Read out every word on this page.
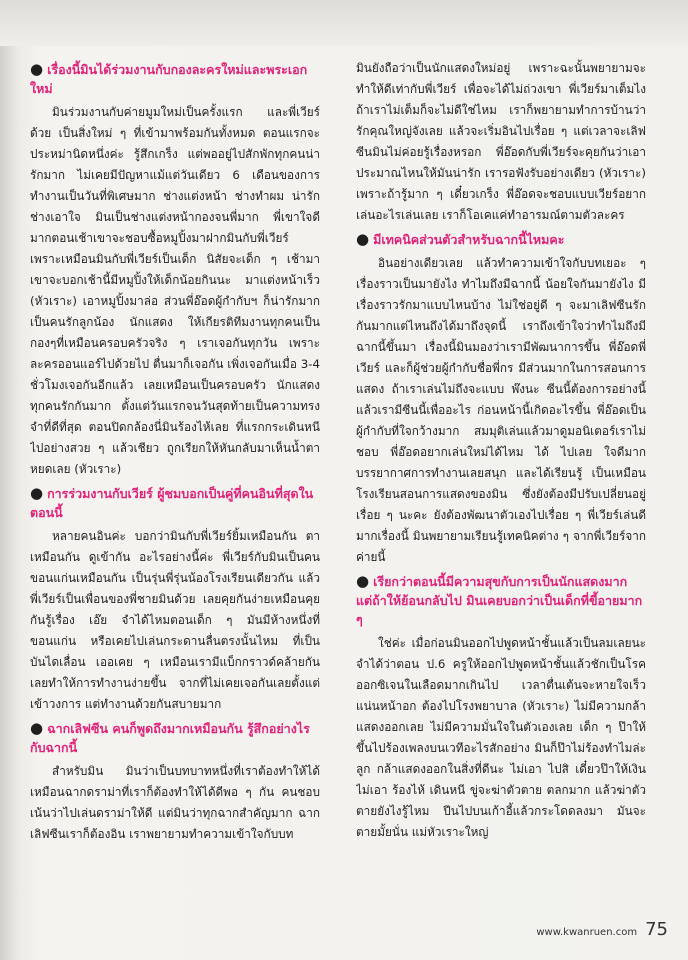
● เรื่องนี้มินได้ร่วมงานกับกองละครใหม่และพระเอกใหม่

มินร่วมงานกับค่ายมูมใหม่เป็นครั้งแรก และพี่เวียร์ด้วย เป็นสิ่งใหม่ ๆ ที่เข้ามาพร้อมกันทั้งหมด ตอนแรกจะประหม่านิดหนึ่งค่ะ รู้สึกเกร็ง แต่พออยู่ไปสักพักทุกคนน่ารักมาก ไม่เคยมีปัญหาแม้แต่วันเดียว 6 เดือนของการทำงานเป็นวันที่พิเศษมาก ช่างแต่งหน้า ช่างทำผม น่ารักช่างเอาใจ มินเป็นช่างแต่งหน้ากองจนพี่มาก พี่เขาใจดีมากตอนเช้าเขาจะชอบซื้อหมูปิ้งมาฝากมินกับพี่เวียร์ เพราะเหมือนมินกับพี่เวียร์เป็นเด็ก นิสัยจะเด็ก ๆ เช้ามาเขาจะบอกเช้านี้มีหมูปิ้งให้เด็กน้อยกินนะ มาแต่งหน้าเร็ว (หัวเราะ) เอาหมูปิ้งมาล่อ ส่วนพี่อ๊อดผู้กำกับฯ ก็น่ารักมาก เป็นคนรักลูกน้อง นักแสดง ให้เกียรติทีมงานทุกคนเป็นกองๆที่เหมือนครอบครัวจริง ๆ เราเจอกันทุกวัน เพราะละครออนแอร์ไปด้วยไป ตื่นมาก็เจอกัน เพิ่งเจอกันเมื่อ 3-4 ชั่วโมงเจอกันอีกแล้ว เลยเหมือนเป็นครอบครัว นักแสดงทุกคนรักกันมาก ตั้งแต่วันแรกจนวันสุดท้ายเป็นความทรงจำที่ดีที่สุด ตอนปิดกล้องนี่มินร้องไห้เลย ที่แรกกระเดินหนีไปอย่างสวย ๆ แล้วเชียว ถูกเรียกให้หันกลับมาเห็นน้ำตาหยดเลย (หัวเราะ)

● การร่วมงานกับเวียร์ ผู้ชมบอกเป็นคู่ที่คนอินที่สุดในตอนนี้

หลายคนอินค่ะ บอกว่ามินกับพี่เวียร์ยิ้มเหมือนกัน ตาเหมือนกัน ดูเข้ากัน อะไรอย่างนี้ค่ะ พี่เวียร์กับมินเป็นคนขอนแก่นเหมือนกัน เป็นรุ่นพี่รุ่นน้องโรงเรียนเดียวกัน แล้วพี่เวียร์เป็นเพื่อนของพี่ชายมินด้วย เลยคุยกันง่ายเหมือนคุยกันรู้เรื่อง เอ๊ย จำได้ไหมตอนเด็ก ๆ มันมีห้างหนึ่งที่ขอนแก่น หรือเคยไปเล่นกระดานลื่นตรงนั้นไหม ที่เป็นบันไดเลื่อน เออเคย ๆ เหมือนเรามีแบ็กกราวด์คล้ายกัน เลยทำให้การทำงานง่ายขึ้น จากที่ไม่เคยเจอกันเลยตั้งแต่เข้าวงการ แต่ทำงานด้วยกันสบายมาก

● ฉากเลิฟซีน คนก็พูดถึงมากเหมือนกัน รู้สึกอย่างไรกับฉากนี้

สำหรับมิน มินว่าเป็นบทบาทหนึ่งที่เราต้องทำให้ได้ เหมือนฉากดราม่าที่เราก็ต้องทำให้ได้ดีพอ ๆ กัน คนชอบเน้นว่าไปเล่นดราม่าให้ดี แต่มินว่าทุกฉากสำคัญมาก ฉากเลิฟซีนเราก็ต้องอิน เราพยายามทำความเข้าใจกับบท

มินยังถือว่าเป็นนักแสดงใหม่อยู่ เพราะฉะนั้นพยายามจะทำให้ดีเท่ากับพี่เวียร์ เพื่อจะได้ไม่ถ่วงเขา พี่เวียร์มาเต็มไง ถ้าเราไม่เต็มก็จะไม่ดีใช่ไหม เราก็พยายามทำการบ้านว่ารักคุณใหญ่จังเลย แล้วจะเริ่มอินไปเรื่อย ๆ แต่เวลาจะเลิฟซีนมินไม่ค่อยรู้เรื่องหรอก พี่อ๊อดกับพี่เวียร์จะคุยกันว่าเอาประมาณไหนให้มันน่ารัก เรารอฟังรับอย่างเดียว (หัวเราะ) เพราะถ้ารู้มาก ๆ เดี๋ยวเกร็ง พี่อ๊อดจะชอบแบบเวียร์อยากเล่นอะไรเล่นเลย เราก็โอเคแค่ทำอารมณ์ตามตัวละคร

● มีเทคนิคส่วนตัวสำหรับฉากนี้ไหมคะ

อินอย่างเดียวเลย แล้วทำความเข้าใจกับบทเยอะ ๆ เรื่องราวเป็นมายังไง ทำไมถึงมีฉากนี้ น้อยใจกันมายังไง มีเรื่องราวรักมาแบบไหนบ้าง ไม่ใช่อยู่ดี ๆ จะมาเลิฟซีนรักกันมากแต่ไหนถึงได้มาถึงจุดนี้ เราถึงเข้าใจว่าทำไมถึงมีฉากนี้ขึ้นมา เรื่องนี้มินมองว่าเรามีพัฒนาการขึ้น พี่อ๊อดพี่เวียร์ และก็ผู้ช่วยผู้กำกับชื่อพี่กร มีส่วนมากในการสอนการแสดง ถ้าเราเล่นไม่ถึงจะแบบ พ๊งนะ ซีนนี้ต้องการอย่างนี้แล้วเรามีซีนนี้เพื่ออะไร ก่อนหน้านี้เกิดอะไรขึ้น พี่อ๊อดเป็นผู้กำกับที่ใจกว้างมาก สมมุติเล่นแล้วมาดูมอนิเตอร์เราไม่ชอบ พี่อ๊อดอยากเล่นใหม่ได้ไหม ได้ ไปเลย ใจดีมาก บรรยากาศการทำงานเลยสนุก และได้เรียนรู้ เป็นเหมือนโรงเรียนสอนการแสดงของมิน ซึ่งยังต้องมีปรับเปลี่ยนอยู่เรื่อย ๆ นะคะ ยังต้องพัฒนาตัวเองไปเรื่อย ๆ พี่เวียร์เล่นดีมากเรื่องนี้ มินพยายามเรียนรู้เทคนิคต่าง ๆ จากพี่เวียร์จากค่ายนี้

● เรียกว่าตอนนี้มีความสุขกับการเป็นนักแสดงมาก แต่ถ้าให้ย้อนกลับไป มินเคยบอกว่าเป็นเด็กที่ขี้อายมาก ๆ

ใช่ค่ะ เมื่อก่อนมินออกไปพูดหน้าชั้นแล้วเป็นลมเลยนะ จำได้ว่าตอน ป.6 ครูให้ออกไปพูดหน้าชั้นแล้วชักเป็นโรคออกซิเจนในเลือดมากเกินไป เวลาตื่นเต้นจะหายใจเร็ว แน่นหน้าอก ต้องไปโรงพยาบาล (หัวเราะ) ไม่มีความกล้าแสดงออกเลย ไม่มีความมั่นใจในตัวเองเลย เด็ก ๆ ป๊าให้ขึ้นไปร้องเพลงบนเวทีอะไรสักอย่าง มินก็ป๊าไม่ร้องทำไมล่ะลูก กล้าแสดงออกในสิ่งที่ดีนะ ไม่เอา ไปสิ เดี๋ยวป๊าให้เงิน ไม่เอา ร้องไห้ เดินหนี ขู่จะฆ่าตัวตาย ตลกมาก แล้วฆ่าตัวตายยังไงรู้ไหม ปีนไปบนเก้าอี้แล้วกระโดดลงมา มันจะตายมั้ยนั่น แม่หัวเราะใหญ่

www.kwanruen.com 75
